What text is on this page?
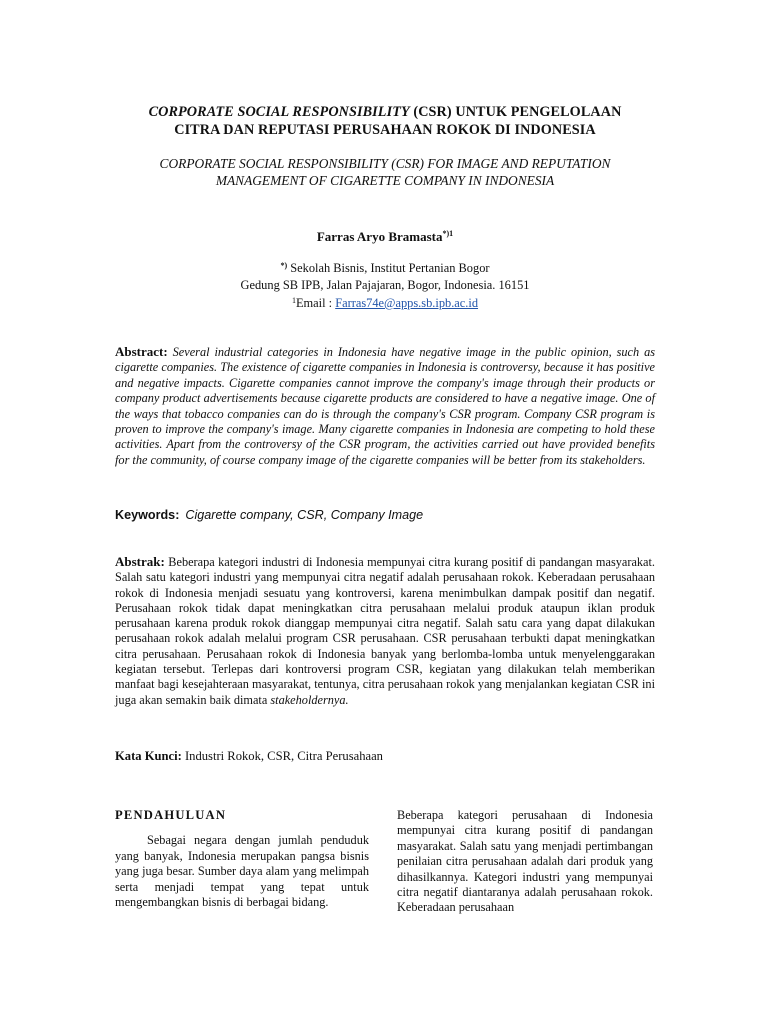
CORPORATE SOCIAL RESPONSIBILITY (CSR) UNTUK PENGELOLAAN
CITRA DAN REPUTASI PERUSAHAAN ROKOK DI INDONESIA
CORPORATE SOCIAL RESPONSIBILITY (CSR) FOR IMAGE AND REPUTATION
MANAGEMENT OF CIGARETTE COMPANY IN INDONESIA
Farras Aryo Bramasta$^{*)1}$
*) Sekolah Bisnis, Institut Pertanian Bogor
Gedung SB IPB, Jalan Pajajaran, Bogor, Indonesia. 16151
$^1$Email : Farras74e@apps.sb.ipb.ac.id
Abstract: Several industrial categories in Indonesia have negative image in the public opinion, such as cigarette companies. The existence of cigarette companies in Indonesia is controversy, because it has positive and negative impacts. Cigarette companies cannot improve the company's image through their products or company product advertisements because cigarette products are considered to have a negative image. One of the ways that tobacco companies can do is through the company's CSR program. Company CSR program is proven to improve the company's image. Many cigarette companies in Indonesia are competing to hold these activities. Apart from the controversy of the CSR program, the activities carried out have provided benefits for the community, of course company image of the cigarette companies will be better from its stakeholders.
Keywords: Cigarette company, CSR, Company Image
Abstrak: Beberapa kategori industri di Indonesia mempunyai citra kurang positif di pandangan masyarakat. Salah satu kategori industri yang mempunyai citra negatif adalah perusahaan rokok. Keberadaan perusahaan rokok di Indonesia menjadi sesuatu yang kontroversi, karena menimbulkan dampak positif dan negatif. Perusahaan rokok tidak dapat meningkatkan citra perusahaan melalui produk ataupun iklan produk perusahaan karena produk rokok dianggap mempunyai citra negatif. Salah satu cara yang dapat dilakukan perusahaan rokok adalah melalui program CSR perusahaan. CSR perusahaan terbukti dapat meningkatkan citra perusahaan. Perusahaan rokok di Indonesia banyak yang berlomba-lomba untuk menyelenggarakan kegiatan tersebut. Terlepas dari kontroversi program CSR, kegiatan yang dilakukan telah memberikan manfaat bagi kesejahteraan masyarakat, tentunya, citra perusahaan rokok yang menjalankan kegiatan CSR ini juga akan semakin baik dimata stakeholdernya.
Kata Kunci: Industri Rokok, CSR, Citra Perusahaan
PENDAHULUAN
Sebagai negara dengan jumlah penduduk yang banyak, Indonesia merupakan pangsa bisnis yang juga besar. Sumber daya alam yang melimpah serta menjadi tempat yang tepat untuk mengembangkan bisnis di berbagai bidang.
Beberapa kategori perusahaan di Indonesia mempunyai citra kurang positif di pandangan masyarakat. Salah satu yang menjadi pertimbangan penilaian citra perusahaan adalah dari produk yang dihasilkannya. Kategori industri yang mempunyai citra negatif diantaranya adalah perusahaan rokok. Keberadaan perusahaan
